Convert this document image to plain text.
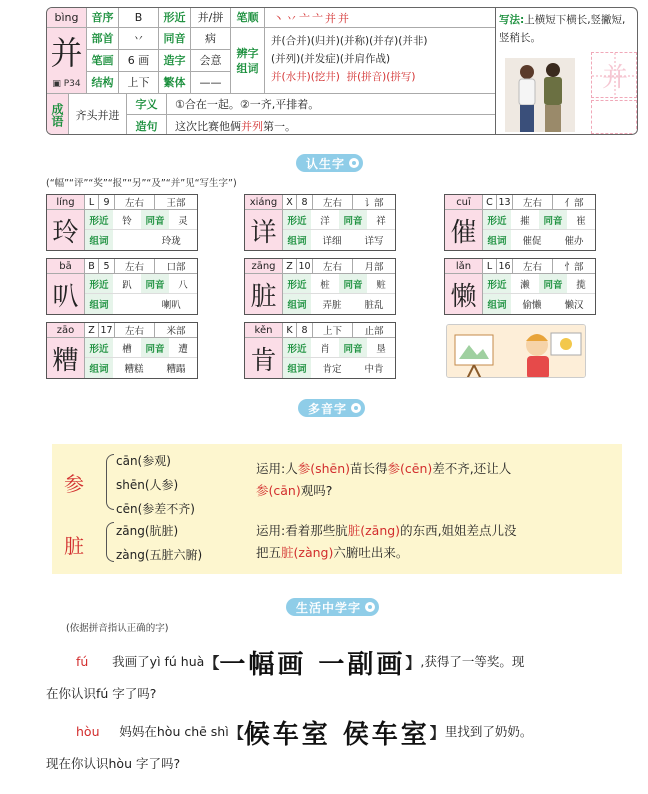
bìng
并
▣ P34
音序	B
部首	丷
笔画	6 画
结构	上下
形近	并/拼
同音	病
造字	会意
繁体	——
笔顺	丶丷亠亠并并
辨字
组词
并(合并)(归并)(并称)(并存)(并非)
(并列)(并发症)(并肩作战)
并(水井)(挖井) 拼(拼音)(拼写)
成语	齐头并进
字义	①合在一起。②一齐,平排着。
造句	这次比赛他俩并列第一。
写法:上横短下横长,竖撇短,竖稍长。
并
认生字
(“幅”“评”“奖”“报”“另”“及”“并”见“写生字”)
líng
玲
L 9	左右	王部
形近	铃	同音	灵
组词	玲珑
xiáng
详
X 8	左右	讠部
形近	洋	同音	祥
组词	详细 详写
cuī
催
C 13	左右	亻部
形近	摧	同音	崔
组词	催促 催办
bā
叭
B 5	左右	口部
形近	趴	同音	八
组词	喇叭
zāng
脏
Z 10	左右	月部
形近	桩	同音	赃
组词	弄脏 脏乱
lǎn
懒
L 16	左右	忄部
形近	濑	同音	揽
组词	偷懒 懒汉
zāo
糟
Z 17	左右	米部
形近	槽	同音	遭
组词	糟糕 糟蹋
kěn
肯
K 8	上下	止部
形近	肖	同音	垦
组词	肯定 中肯
多音字
参
cān(参观)
shēn(人参)
cēn(参差不齐)
运用:人参(shēn)苗长得参(cēn)差不齐,还让人
参(cān)观吗?
脏
zāng(肮脏)
zàng(五脏六腑)
运用:看着那些肮脏(zāng)的东西,姐姐差点儿没
把五脏(zàng)六腑吐出来。
生活中学字
(依据拼音指认正确的字)
fú 我画了yì fú huà【一幅画 一副画】,获得了一等奖。现
在你认识fú 字了吗?
hòu 妈妈在hòu chē shì【候车室 侯车室】里找到了奶奶。
现在你认识hòu 字了吗?
